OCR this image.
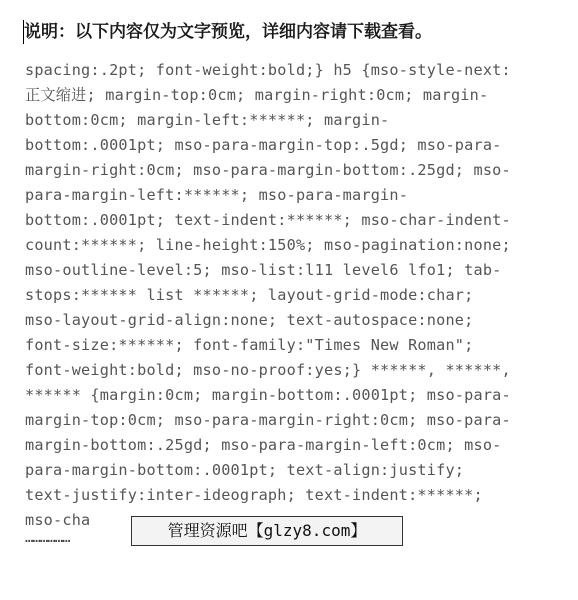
说明：以下内容仅为文字预览，详细内容请下载查看。
spacing:.2pt; font-weight:bold;} h5 {mso-style-next:
正文缩进; margin-top:0cm; margin-right:0cm; margin-
bottom:0cm; margin-left:******; margin-
bottom:.0001pt; mso-para-margin-top:.5gd; mso-para-
margin-right:0cm; mso-para-margin-bottom:.25gd; mso-
para-margin-left:******; mso-para-margin-
bottom:.0001pt; text-indent:******; mso-char-indent-
count:******; line-height:150%; mso-pagination:none;
mso-outline-level:5; mso-list:l11 level6 lfo1; tab-
stops:****** list ******; layout-grid-mode:char;
mso-layout-grid-align:none; text-autospace:none;
font-size:******; font-family:"Times New Roman";
font-weight:bold; mso-no-proof:yes;} ******, ******,
****** {margin:0cm; margin-bottom:.0001pt; mso-para-
margin-top:0cm; mso-para-margin-right:0cm; mso-para-
margin-bottom:.25gd; mso-para-margin-left:0cm; mso-
para-margin-bottom:.0001pt; text-align:justify;
text-justify:inter-ideograph; text-indent:******;
mso-cha
………………	管理资源吧【glzy8.com】
